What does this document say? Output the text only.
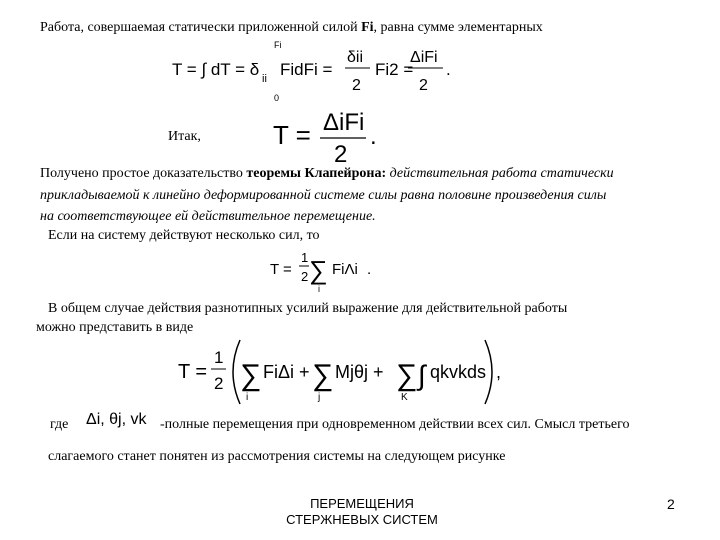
Работа, совершаемая статически приложенной силой Fi, равна сумме элементарных
T = ∫ dT = δ
Fi
0
ii FidFi =
δii
2
Fi2 =
ΔiFi
2
.
Итак,	T = ΔiFi
2
.
Получено простое доказательство теоремы Клапейрона: действительная работа статически
прикладываемой к линейно деформированной системе силы равна половине произведения силы
на соответствующее ей действительное перемещение.
Если на систему действуют несколько сил, то
T =
1
2 ∑
i
FiΛi .
В общем случае действия разнотипных усилий выражение для действительной работы
можно представить в виде
T =
1
2 ∑
i
FiΔi + ∑
j
Mjθj + ∑
K
∫ qkvkds ,
где Δi, θj, vk -полные перемещения при одновременном действии всех сил. Смысл третьего
слагаемого станет понятен из рассмотрения системы на следующем рисунке
ПЕРЕМЕЩЕНИЯ
СТЕРЖНЕВЫХ СИСТЕМ
2
